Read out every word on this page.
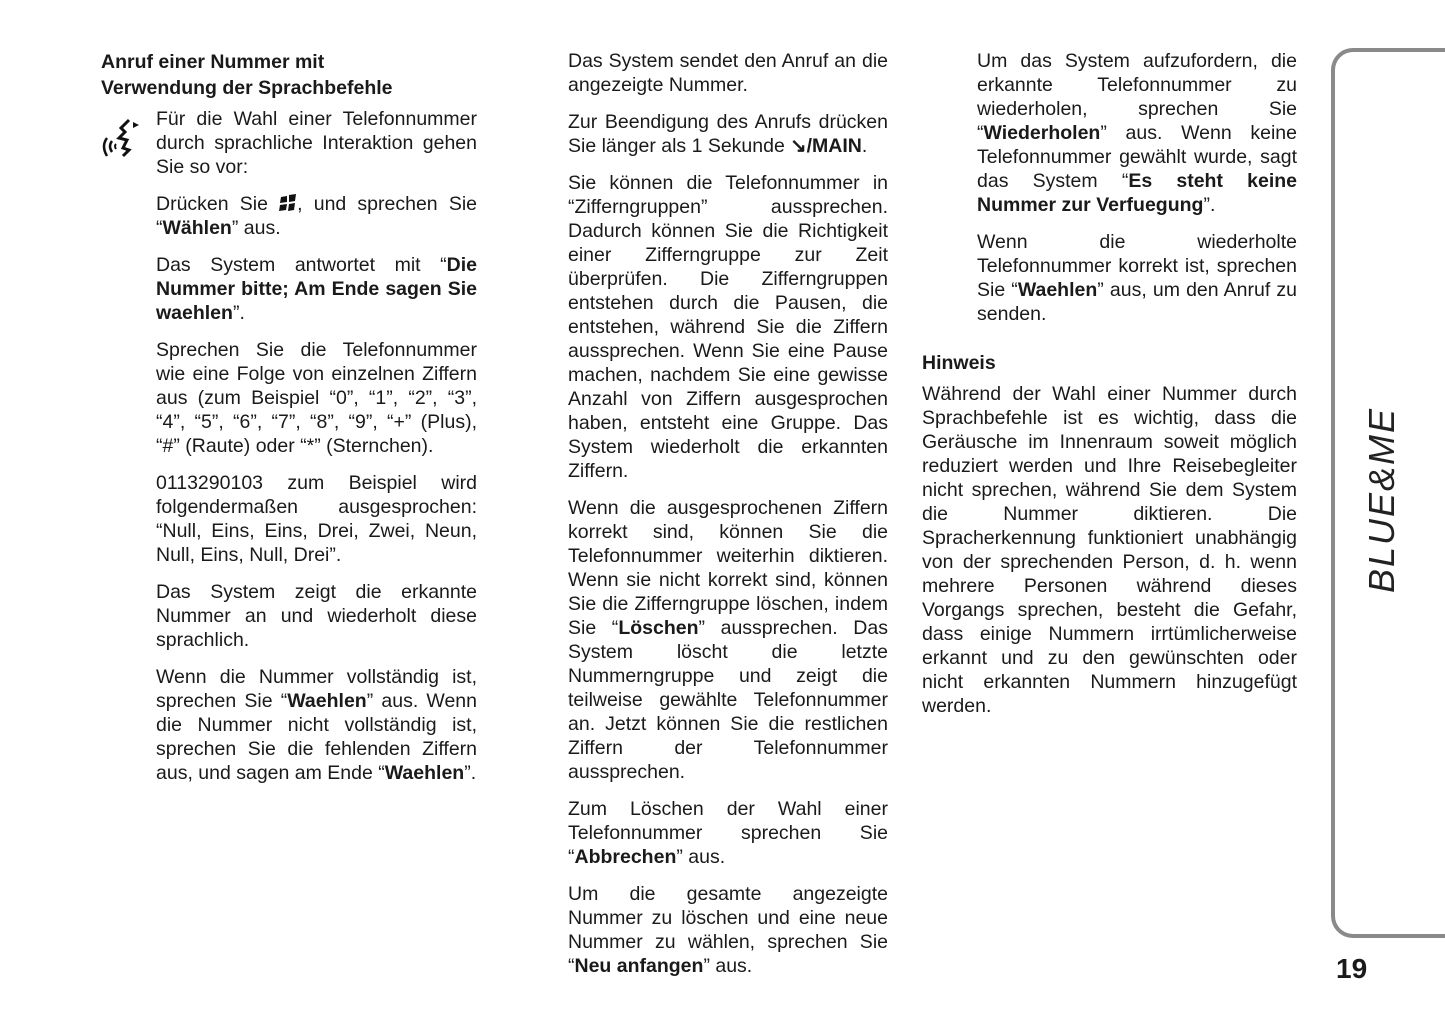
Anruf einer Nummer mit
Verwendung der Sprachbefehle

Für die Wahl einer Telefonnummer durch sprachliche Interaktion gehen Sie so vor:

Drücken Sie , und sprechen Sie “Wählen” aus.

Das System antwortet mit “Die Nummer bitte; Am Ende sagen Sie waehlen”.

Sprechen Sie die Telefonnummer wie eine Folge von einzelnen Ziffern aus (zum Beispiel “0”, “1”, “2”, “3”, “4”, “5”, “6”, “7”, “8”, “9”, “+” (Plus), “#” (Raute) oder “*” (Sternchen).

0113290103 zum Beispiel wird folgendermaßen ausgesprochen: “Null, Eins, Eins, Drei, Zwei, Neun, Null, Eins, Null, Drei”.

Das System zeigt die erkannte Nummer an und wiederholt diese sprachlich.

Wenn die Nummer vollständig ist, sprechen Sie “Waehlen” aus. Wenn die Nummer nicht vollständig ist, sprechen Sie die fehlenden Ziffern aus, und sagen am Ende “Waehlen”.

Das System sendet den Anruf an die angezeigte Nummer.

Zur Beendigung des Anrufs drücken Sie länger als 1 Sekunde ↘/MAIN.

Sie können die Telefonnummer in “Zifferngruppen” aussprechen. Dadurch können Sie die Richtigkeit einer Zifferngruppe zur Zeit überprüfen. Die Zifferngruppen entstehen durch die Pausen, die entstehen, während Sie die Ziffern aussprechen. Wenn Sie eine Pause machen, nachdem Sie eine gewisse Anzahl von Ziffern ausgesprochen haben, entsteht eine Gruppe. Das System wiederholt die erkannten Ziffern.

Wenn die ausgesprochenen Ziffern korrekt sind, können Sie die Telefonnummer weiterhin diktieren. Wenn sie nicht korrekt sind, können Sie die Zifferngruppe löschen, indem Sie “Löschen” aussprechen. Das System löscht die letzte Nummerngruppe und zeigt die teilweise gewählte Telefonnummer an. Jetzt können Sie die restlichen Ziffern der Telefonnummer aussprechen.

Zum Löschen der Wahl einer Telefonnummer sprechen Sie “Abbrechen” aus.

Um die gesamte angezeigte Nummer zu löschen und eine neue Nummer zu wählen, sprechen Sie “Neu anfangen” aus.

Um das System aufzufordern, die erkannte Telefonnummer zu wiederholen, sprechen Sie “Wiederholen” aus. Wenn keine Telefonnummer gewählt wurde, sagt das System “Es steht keine Nummer zur Verfuegung”.

Wenn die wiederholte Telefonnummer korrekt ist, sprechen Sie “Waehlen” aus, um den Anruf zu senden.

Hinweis

Während der Wahl einer Nummer durch Sprachbefehle ist es wichtig, dass die Geräusche im Innenraum soweit möglich reduziert werden und Ihre Reisebegleiter nicht sprechen, während Sie dem System die Nummer diktieren. Die Spracherkennung funktioniert unabhängig von der sprechenden Person, d. h. wenn mehrere Personen während dieses Vorgangs sprechen, besteht die Gefahr, dass einige Nummern irrtümlicherweise erkannt und zu den gewünschten oder nicht erkannten Nummern hinzugefügt werden.

BLUE&ME
19
